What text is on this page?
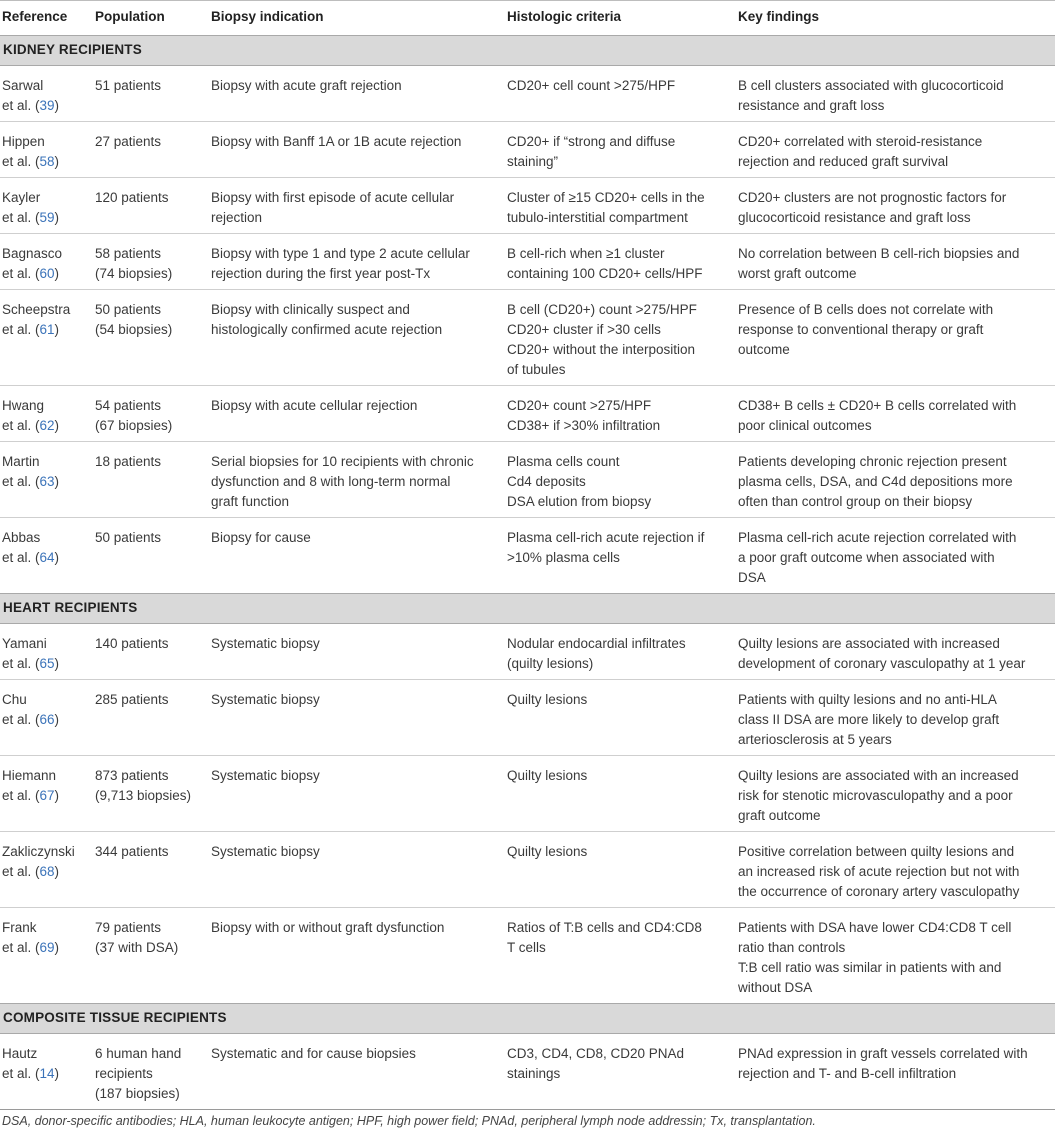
Reference	Population	Biopsy indication	Histologic criteria	Key findings
KIDNEY RECIPIENTS				

Sarwal
et al. (39)	51 patients	Biopsy with acute graft rejection	CD20+ cell count >275/HPF	B cell clusters associated with glucocorticoid
resistance and graft loss

Hippen
et al. (58)	27 patients	Biopsy with Banff 1A or 1B acute rejection	CD20+ if “strong and diffuse
staining”	CD20+ correlated with steroid-resistance
rejection and reduced graft survival

Kayler
et al. (59)	120 patients	Biopsy with first episode of acute cellular
rejection	Cluster of ≥15 CD20+ cells in the
tubulo-interstitial compartment	CD20+ clusters are not prognostic factors for
glucocorticoid resistance and graft loss

Bagnasco
et al. (60)	58 patients
(74 biopsies)	Biopsy with type 1 and type 2 acute cellular
rejection during the first year post-Tx	B cell-rich when ≥1 cluster
containing 100 CD20+ cells/HPF	No correlation between B cell-rich biopsies and
worst graft outcome

Scheepstra
et al. (61)	50 patients
(54 biopsies)	Biopsy with clinically suspect and
histologically confirmed acute rejection	B cell (CD20+) count >275/HPF
CD20+ cluster if >30 cells
CD20+ without the interposition
of tubules	Presence of B cells does not correlate with
response to conventional therapy or graft
outcome

Hwang
et al. (62)	54 patients
(67 biopsies)	Biopsy with acute cellular rejection	CD20+ count >275/HPF
CD38+ if >30% infiltration	CD38+ B cells ± CD20+ B cells correlated with
poor clinical outcomes

Martin
et al. (63)	18 patients	Serial biopsies for 10 recipients with chronic
dysfunction and 8 with long-term normal
graft function	Plasma cells count
Cd4 deposits
DSA elution from biopsy	Patients developing chronic rejection present
plasma cells, DSA, and C4d depositions more
often than control group on their biopsy

Abbas
et al. (64)	50 patients	Biopsy for cause	Plasma cell-rich acute rejection if
>10% plasma cells	Plasma cell-rich acute rejection correlated with
a poor graft outcome when associated with
DSA

HEART RECIPIENTS				

Yamani
et al. (65)	140 patients	Systematic biopsy	Nodular endocardial infiltrates
(quilty lesions)	Quilty lesions are associated with increased
development of coronary vasculopathy at 1 year

Chu
et al. (66)	285 patients	Systematic biopsy	Quilty lesions	Patients with quilty lesions and no anti-HLA
class II DSA are more likely to develop graft
arteriosclerosis at 5 years

Hiemann
et al. (67)	873 patients
(9,713 biopsies)	Systematic biopsy	Quilty lesions	Quilty lesions are associated with an increased
risk for stenotic microvasculopathy and a poor
graft outcome

Zakliczynski
et al. (68)	344 patients	Systematic biopsy	Quilty lesions	Positive correlation between quilty lesions and
an increased risk of acute rejection but not with
the occurrence of coronary artery vasculopathy

Frank
et al. (69)	79 patients
(37 with DSA)	Biopsy with or without graft dysfunction	Ratios of T:B cells and CD4:CD8
T cells	Patients with DSA have lower CD4:CD8 T cell
ratio than controls
T:B cell ratio was similar in patients with and
without DSA

COMPOSITE TISSUE RECIPIENTS				

Hautz
et al. (14)	6 human hand
recipients
(187 biopsies)	Systematic and for cause biopsies	CD3, CD4, CD8, CD20 PNAd
stainings	PNAd expression in graft vessels correlated with
rejection and T- and B-cell infiltration
DSA, donor-specific antibodies; HLA, human leukocyte antigen; HPF, high power field; PNAd, peripheral lymph node addressin; Tx, transplantation.
